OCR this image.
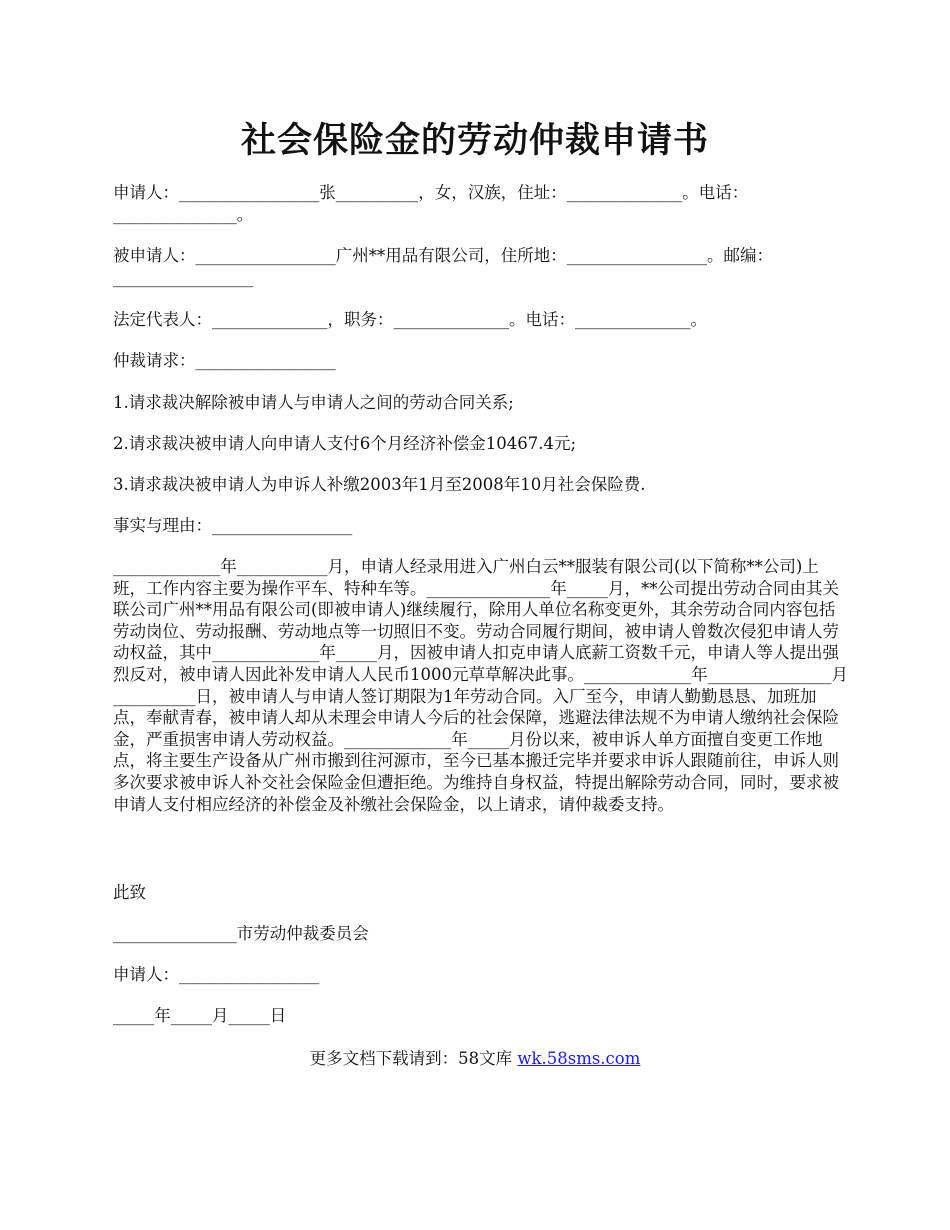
社会保险金的劳动仲裁申请书

申请人：_________________张__________，女，汉族，住址：______________。电话：_______________。

被申请人：_________________广州**用品有限公司，住所地：_________________。邮编：_________________

法定代表人：______________，职务：______________。电话：______________。

仲裁请求：_________________

1.请求裁决解除被申请人与申请人之间的劳动合同关系;

2.请求裁决被申请人向申请人支付6个月经济补偿金10467.4元;

3.请求裁决被申请人为申诉人补缴2003年1月至2008年10月社会保险费.

事实与理由：_________________

_____________年___________月，申请人经录用进入广州白云**服装有限公司(以下简称**公司)上班，工作内容主要为操作平车、特种车等。_______________年_____月，**公司提出劳动合同由其关联公司广州**用品有限公司(即被申请人)继续履行，除用人单位名称变更外，其余劳动合同内容包括劳动岗位、劳动报酬、劳动地点等一切照旧不变。劳动合同履行期间，被申请人曾数次侵犯申请人劳动权益，其中_____________年_____月，因被申请人扣克申请人底薪工资数千元，申请人等人提出强烈反对，被申请人因此补发申请人人民币1000元草草解决此事。_____________年_______________月__________日，被申请人与申请人签订期限为1年劳动合同。入厂至今，申请人勤勤恳恳、加班加点，奉献青春，被申请人却从未理会申请人今后的社会保障，逃避法律法规不为申请人缴纳社会保险金，严重损害申请人劳动权益。_____________年_____月份以来，被申诉人单方面擅自变更工作地点，将主要生产设备从广州市搬到往河源市，至今已基本搬迁完毕并要求申诉人跟随前往，申诉人则多次要求被申诉人补交社会保险金但遭拒绝。为维持自身权益，特提出解除劳动合同，同时，要求被申请人支付相应经济的补偿金及补缴社会保险金，以上请求，请仲裁委支持。

此致

_______________市劳动仲裁委员会

申请人：_________________

_____年_____月_____日

更多文档下载请到：58文库 wk.58sms.com
